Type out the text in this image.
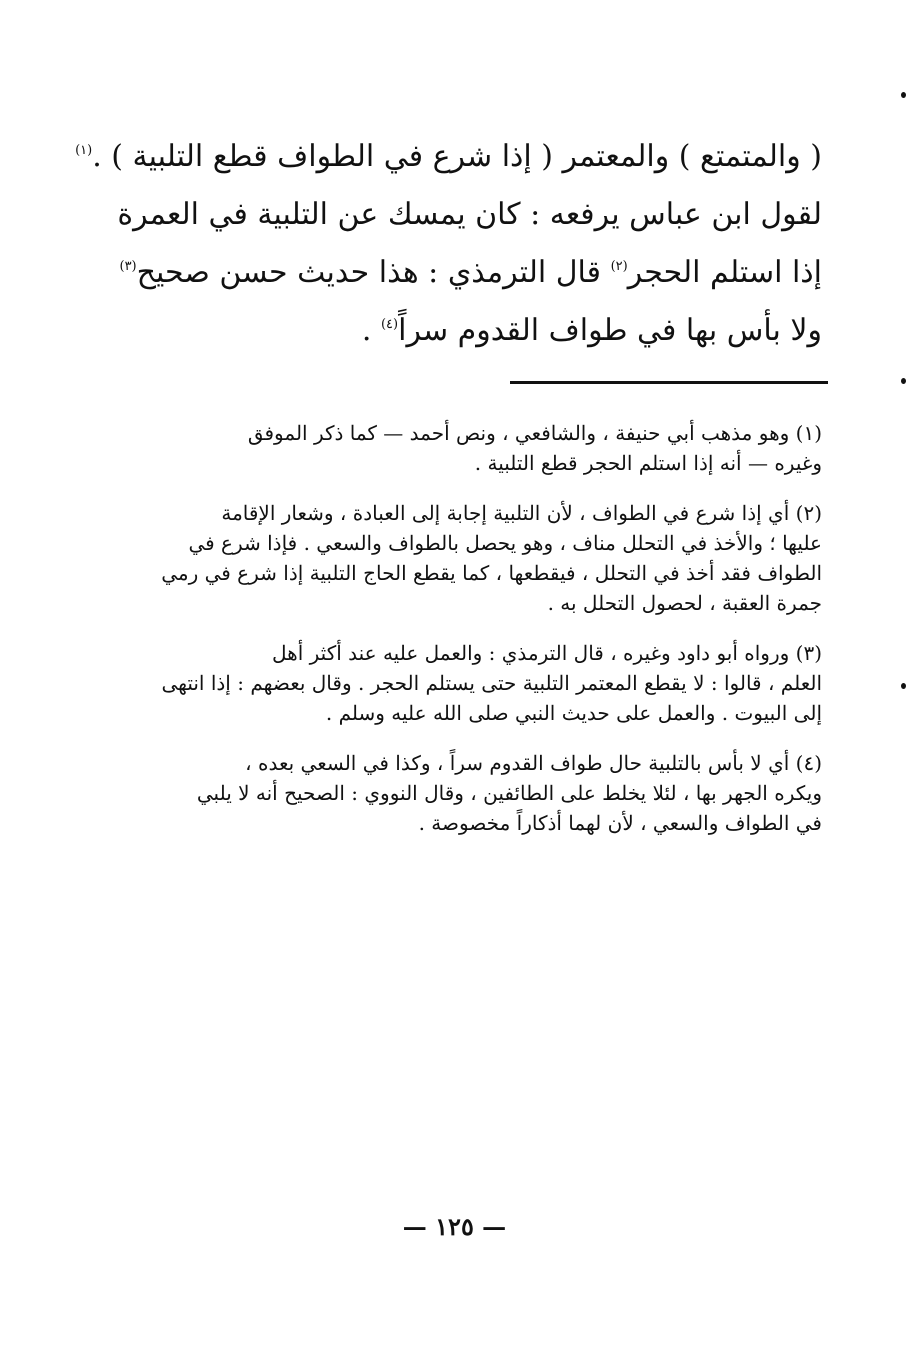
( والمتمتع ) والمعتمر ( إذا شرع في الطواف قطع التلبية ) .$^{(١)}$
لقول ابن عباس يرفعه : كان يمسك عن التلبية في العمرة
إذا استلم الحجر$^{(٢)}$ قال الترمذي : هذا حديث حسن صحيح$^{(٣)}$
ولا بأس بها في طواف القدوم سراً$^{(٤)}$ .
(١) وهو مذهب أبي حنيفة ، والشافعي ، ونص أحمد — كما ذكر الموفق
وغيره — أنه إذا استلم الحجر قطع التلبية .
(٢) أي إذا شرع في الطواف ، لأن التلبية إجابة إلى العبادة ، وشعار الإقامة
عليها ؛ والأخذ في التحلل مناف ، وهو يحصل بالطواف والسعي . فإذا شرع في
الطواف فقد أخذ في التحلل ، فيقطعها ، كما يقطع الحاج التلبية إذا شرع في رمي
جمرة العقبة ، لحصول التحلل به .
(٣) ورواه أبو داود وغيره ، قال الترمذي : والعمل عليه عند أكثر أهل
العلم ، قالوا : لا يقطع المعتمر التلبية حتى يستلم الحجر . وقال بعضهم : إذا انتهى
إلى البيوت . والعمل على حديث النبي صلى الله عليه وسلم .
(٤) أي لا بأس بالتلبية حال طواف القدوم سراً ، وكذا في السعي بعده ،
ويكره الجهر بها ، لئلا يخلط على الطائفين ، وقال النووي : الصحيح أنه لا يلبي
في الطواف والسعي ، لأن لهما أذكاراً مخصوصة .
— ١٢٥ —
